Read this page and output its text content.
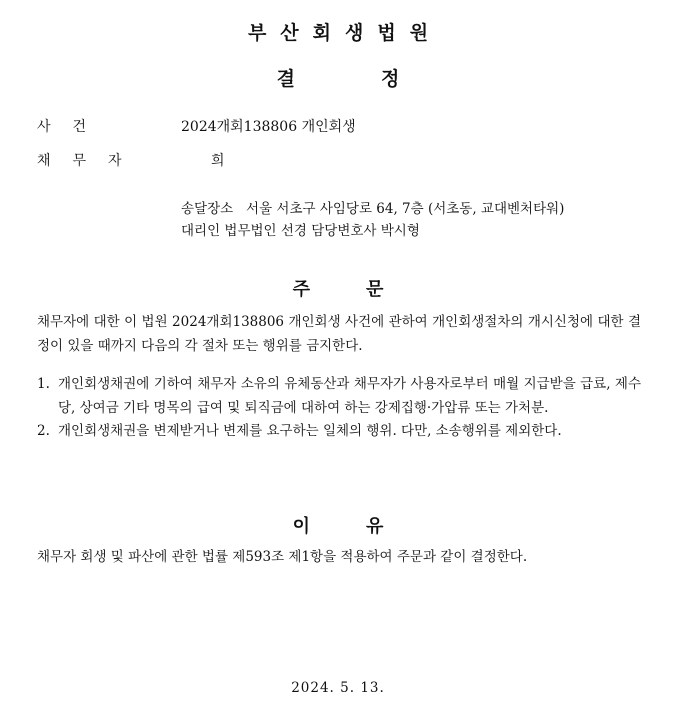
부산회생법원
결정
사건	2024개회138806 개인회생
채무자	희
송달장소   서울 서초구 사임당로 64, 7층 (서초동, 교대벤처타워)
대리인 법무법인 선경 담당변호사 박시형
주문
채무자에 대한 이 법원 2024개회138806 개인회생 사건에 관하여 개인회생절차의 개시신청에 대한 결정이 있을 때까지 다음의 각 절차 또는 행위를 금지한다.
1. 개인회생채권에 기하여 채무자 소유의 유체동산과 채무자가 사용자로부터 매월 지급받을 급료, 제수당, 상여금 기타 명목의 급여 및 퇴직금에 대하여 하는 강제집행·가압류 또는 가처분.
2. 개인회생채권을 변제받거나 변제를 요구하는 일체의 행위. 다만, 소송행위를 제외한다.
이유
채무자 회생 및 파산에 관한 법률 제593조 제1항을 적용하여 주문과 같이 결정한다.
2024. 5. 13.
